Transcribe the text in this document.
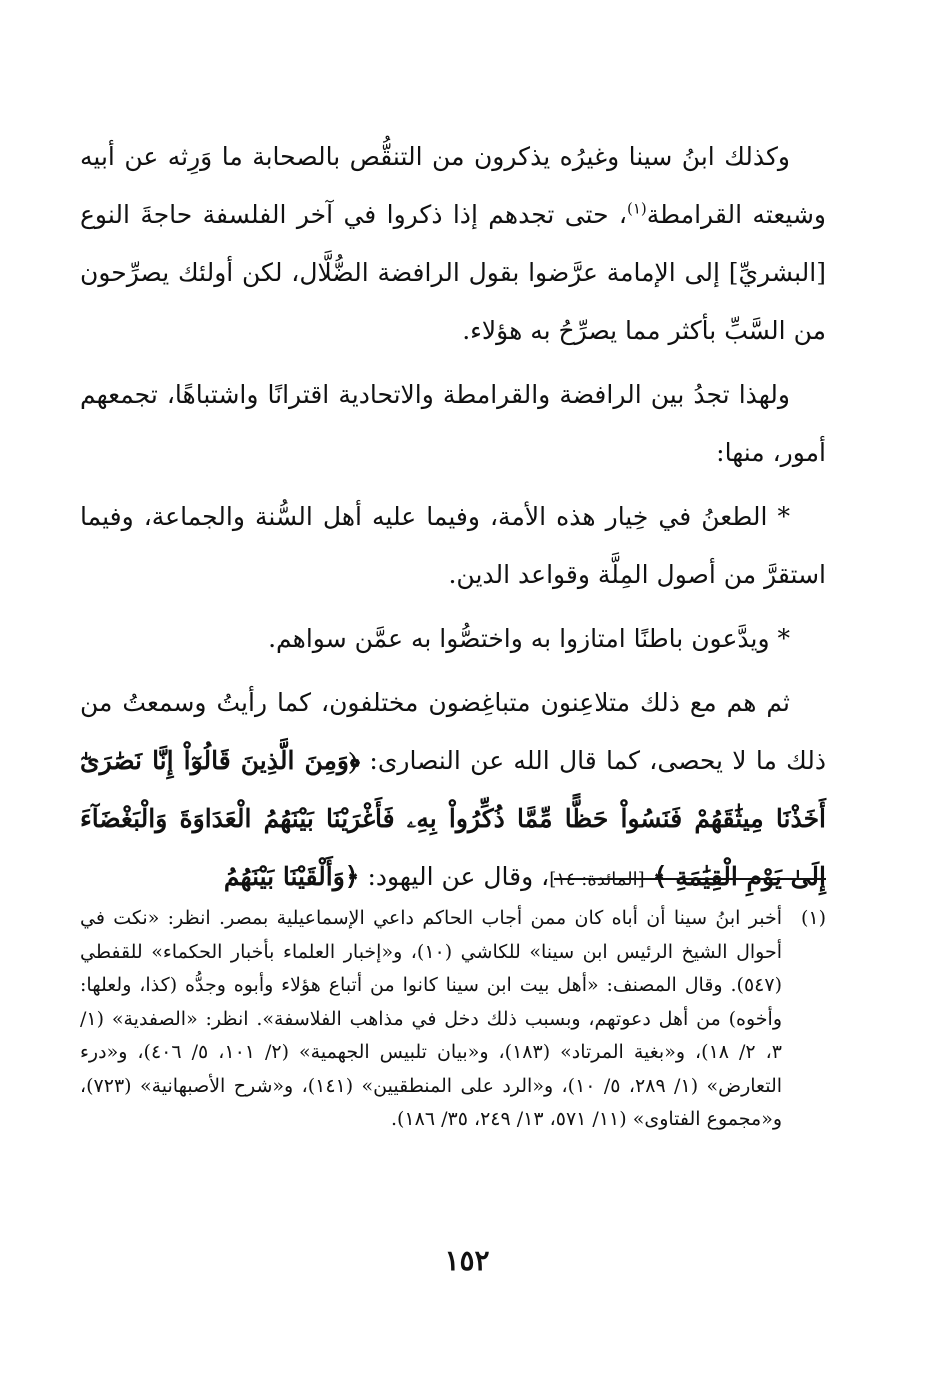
وكذلك ابنُ سينا وغيرُه يذكرون من التنقُّص بالصحابة ما وَرِثه عن أبيه وشيعته القرامطة$^{(١)}$، حتى تجدهم إذا ذكروا في آخر الفلسفة حاجةَ النوع [البشريِّ] إلى الإمامة عرَّضوا بقول الرافضة الضُّلَّال، لكن أولئك يصرِّحون من السَّبِّ بأكثر مما يصرِّحُ به هؤلاء.

ولهذا تجدُ بين الرافضة والقرامطة والاتحادية اقترانًا واشتباهًا، تجمعهم أمور، منها:

* الطعنُ في خِيار هذه الأمة، وفيما عليه أهل السُّنة والجماعة، وفيما استقرَّ من أصول المِلَّة وقواعد الدين.

* ويدَّعون باطنًا امتازوا به واختصُّوا به عمَّن سواهم.

ثم هم مع ذلك متلاعِنون متباغِضون مختلفون، كما رأيتُ وسمعتُ من ذلك ما لا يحصى، كما قال الله عن النصارى: ﴿وَمِنَ الَّذِينَ قَالُوٓاْ إِنَّا نَصَٰرَىٰٓ أَخَذْنَا مِيثَٰقَهُمْ فَنَسُواْ حَظًّا مِّمَّا ذُكِّرُواْ بِهِۦ فَأَغْرَيْنَا بَيْنَهُمُ الْعَدَاوَةَ وَالْبَغْضَآءَ إِلَىٰ يَوْمِ الْقِيَٰمَةِ ﴾ [المائدة: ١٤]، وقال عن اليهود: ﴿وَأَلْقَيْنَا بَيْنَهُمُ

(١)
أخبر ابنُ سينا أن أباه كان ممن أجاب الحاكم داعي الإسماعيلية بمصر. انظر: «نكت في أحوال الشيخ الرئيس ابن سينا» للكاشي (١٠)، و«إخبار العلماء بأخبار الحكماء» للقفطي (٥٤٧). وقال المصنف: «أهل بيت ابن سينا كانوا من أتباع هؤلاء وأبوه وجدُّه (كذا، ولعلها: وأخوه) من أهل دعوتهم، وبسبب ذلك دخل في مذاهب الفلاسفة». انظر: «الصفدية» (١/ ٣، ٢/ ١٨)، و«بغية المرتاد» (١٨٣)، و«بيان تلبيس الجهمية» (٢/ ١٠١، ٥/ ٤٠٦)، و«درء التعارض» (١/ ٢٨٩، ٥/ ١٠)، و«الرد على المنطقيين» (١٤١)، و«شرح الأصبهانية» (٧٢٣)، و«مجموع الفتاوى» (١١/ ٥٧١، ١٣/ ٢٤٩، ٣٥/ ١٨٦).
١٥٢
